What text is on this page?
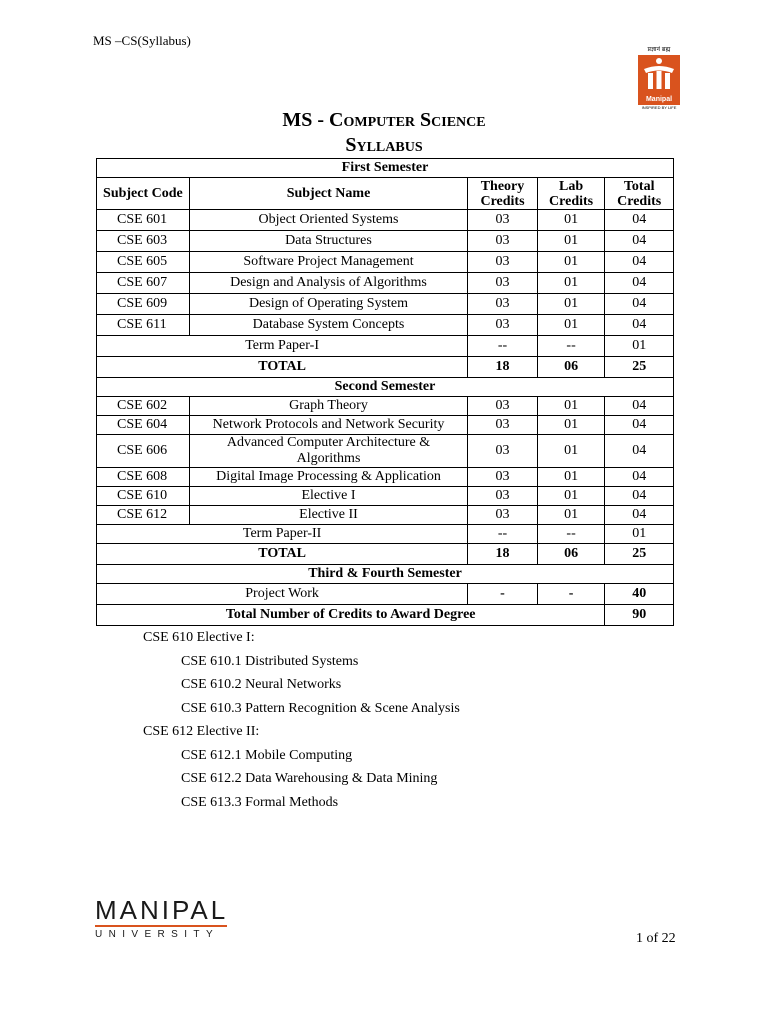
MS –CS(Syllabus)
प्रज्ञानं ब्रह्म
Manipal
INSPIRED BY LIFE
MS - Computer Science
Syllabus
First Semester				
Subject Code	Subject Name	Theory Credits	Lab Credits	Total Credits
CSE 601	Object Oriented Systems	03	01	04
CSE 603	Data Structures	03	01	04
CSE 605	Software Project Management	03	01	04
CSE 607	Design and Analysis of Algorithms	03	01	04
CSE 609	Design of Operating System	03	01	04
CSE 611	Database System Concepts	03	01	04
Term Paper-I		--	--	01
TOTAL		18	06	25
Second Semester				
CSE 602	Graph Theory	03	01	04
CSE 604	Network Protocols and Network Security	03	01	04
CSE 606	Advanced Computer Architecture & Algorithms	03	01	04
CSE 608	Digital Image Processing & Application	03	01	04
CSE 610	Elective I	03	01	04
CSE 612	Elective II	03	01	04
Term Paper-II		--	--	01
TOTAL		18	06	25
Third & Fourth Semester				
Project Work		-	-	40
Total Number of Credits to Award Degree				90
CSE 610 Elective I:
CSE 610.1 Distributed Systems
CSE 610.2 Neural Networks
CSE 610.3 Pattern Recognition & Scene Analysis
CSE 612 Elective II:
CSE 612.1 Mobile Computing
CSE 612.2 Data Warehousing & Data Mining
CSE 613.3 Formal Methods
MANIPAL
UNIVERSITY	1 of 22
